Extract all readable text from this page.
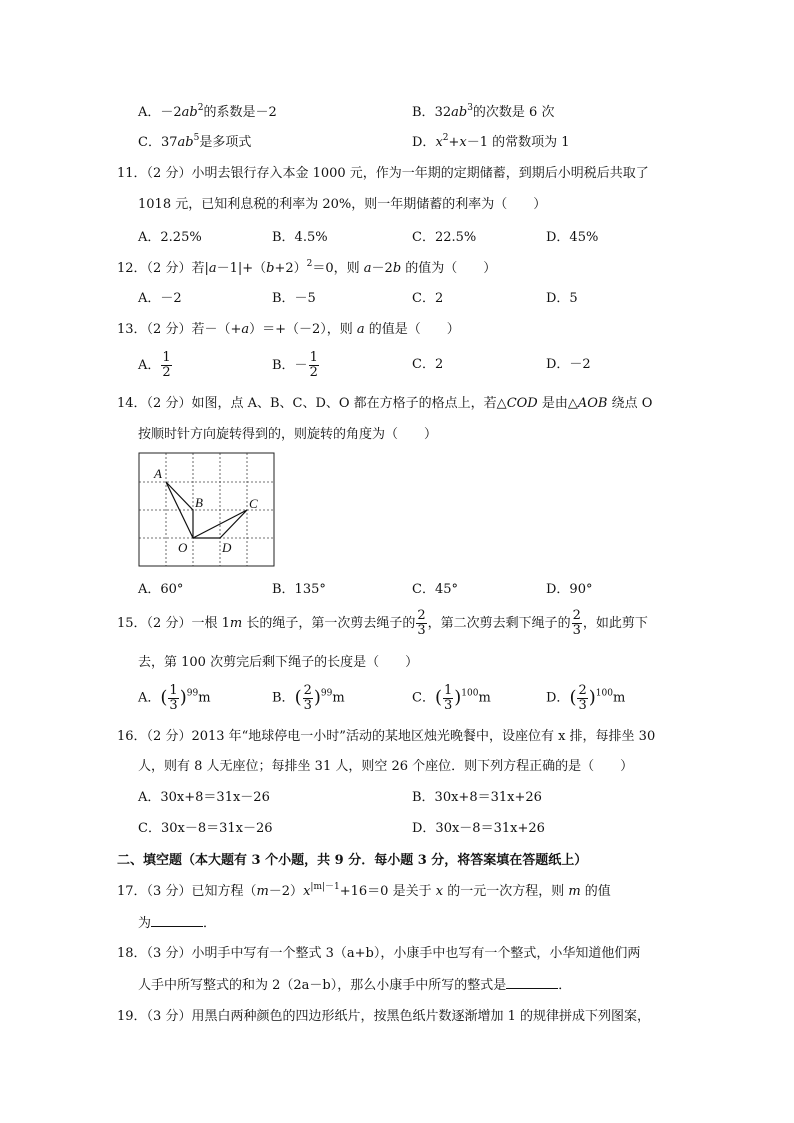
A．$-2ab^2$的系数是－2	B．$32ab^3$的次数是 6 次
C．$37ab^5$是多项式	D．$x^2+x-1$ 的常数项为 1
11．（2 分）小明去银行存入本金 1000 元，作为一年期的定期储蓄，到期后小明税后共取了
1018 元，已知利息税的利率为 20%，则一年期储蓄的利率为（　　）
A．2.25%	B．4.5%	C．22.5%	D．45%
12．（2 分）若$|a-1|+(b+2)^2=0$，则 a－2b 的值为（　　）
A．－2	B．－5	C．2	D．5
13．（2 分）若－（+a）＝+（－2），则 a 的值是（　　）
A． $\frac{1}{2}$	B．－ $\frac{1}{2}$	C．2	D．－2
14．（2 分）如图，点 A、B、C、D、O 都在方格子的格点上，若△COD 是由△AOB 绕点 O
按顺时针方向旋转得到的，则旋转的角度为（　　）
A
B	C
D
O
A．60°	B．135°	C．45°	D．90°
15．（2 分）一根 1m 长的绳子，第一次剪去绳子的 $\frac{2}{3}$ ，第二次剪去剩下绳子的 $\frac{2}{3}$ ，如此剪下
去，第 100 次剪完后剩下绳子的长度是（　　）
A．( $\frac{1}{3} )^{99}m$	B．( $\frac{2}{3} )^{99}m$	C．( $\frac{1}{3} )^{100}m$	D．( $\frac{2}{3} )^{100}m$
16．（2 分）2013 年“地球停电一小时”活动的某地区烛光晚餐中，设座位有 x 排，每排坐 30
人，则有 8 人无座位；每排坐 31 人，则空 26 个座位．则下列方程正确的是（　　）
A．30x+8＝31x－26	B．30x+8＝31x+26
C．30x－8＝31x－26	D．30x－8＝31x+26
二、填空题（本大题有 3 个小题，共 9 分．每小题 3 分，将答案填在答题纸上）
17．（3 分）已知方程$(m-2)x^{|m|-1}+16=0$ 是关于 x 的一元一次方程，则 m 的值
为	．
18．（3 分）小明手中写有一个整式 3（a+b），小康手中也写有一个整式，小华知道他们两
人手中所写整式的和为 2（2a－b），那么小康手中所写的整式是	．
19．（3 分）用黑白两种颜色的四边形纸片，按黑色纸片数逐渐增加 1 的规律拼成下列图案，
